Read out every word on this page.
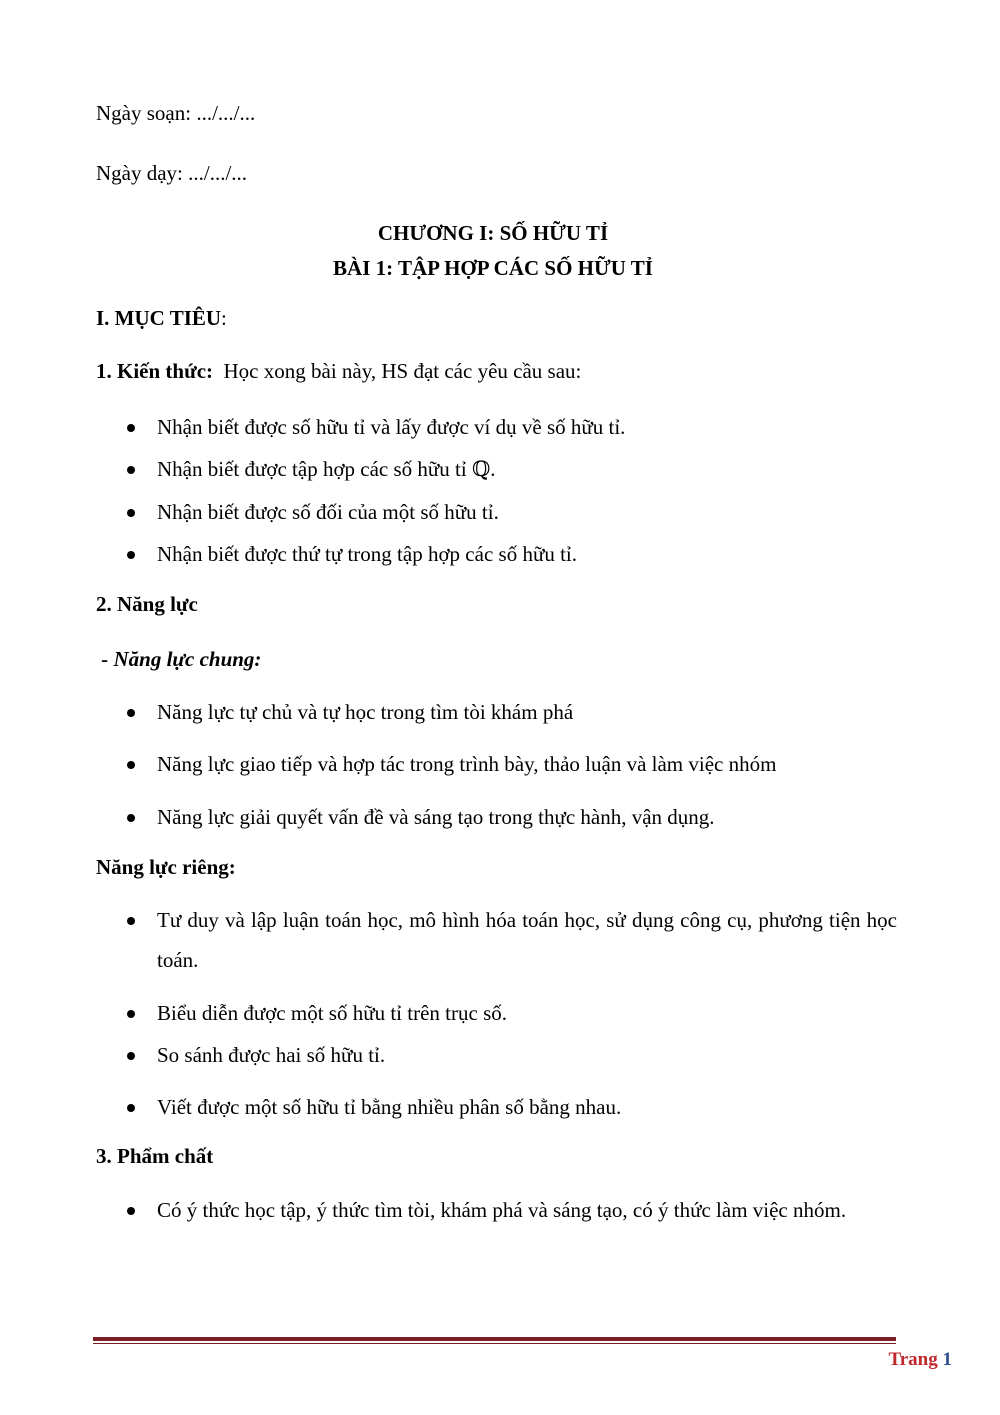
Ngày soạn: .../.../...
Ngày dạy: .../.../...
CHƯƠNG I: SỐ HỮU TỈ
BÀI 1: TẬP HỢP CÁC SỐ HỮU TỈ
I. MỤC TIÊU:
1. Kiến thức:  Học xong bài này, HS đạt các yêu cầu sau:
Nhận biết được số hữu tỉ và lấy được ví dụ về số hữu tỉ.
Nhận biết được tập hợp các số hữu tỉ ℚ.
Nhận biết được số đối của một số hữu tỉ.
Nhận biết được thứ tự trong tập hợp các số hữu tỉ.
2. Năng lực
- Năng lực chung:
Năng lực tự chủ và tự học trong tìm tòi khám phá
Năng lực giao tiếp và hợp tác trong trình bày, thảo luận và làm việc nhóm
Năng lực giải quyết vấn đề và sáng tạo trong thực hành, vận dụng.
Năng lực riêng:
Tư duy và lập luận toán học, mô hình hóa toán học, sử dụng công cụ, phương tiện học toán.
Biểu diễn được một số hữu tỉ trên trục số.
So sánh được hai số hữu tỉ.
Viết được một số hữu tỉ bằng nhiều phân số bằng nhau.
3. Phẩm chất
Có ý thức học tập, ý thức tìm tòi, khám phá và sáng tạo, có ý thức làm việc nhóm.
Trang 1
